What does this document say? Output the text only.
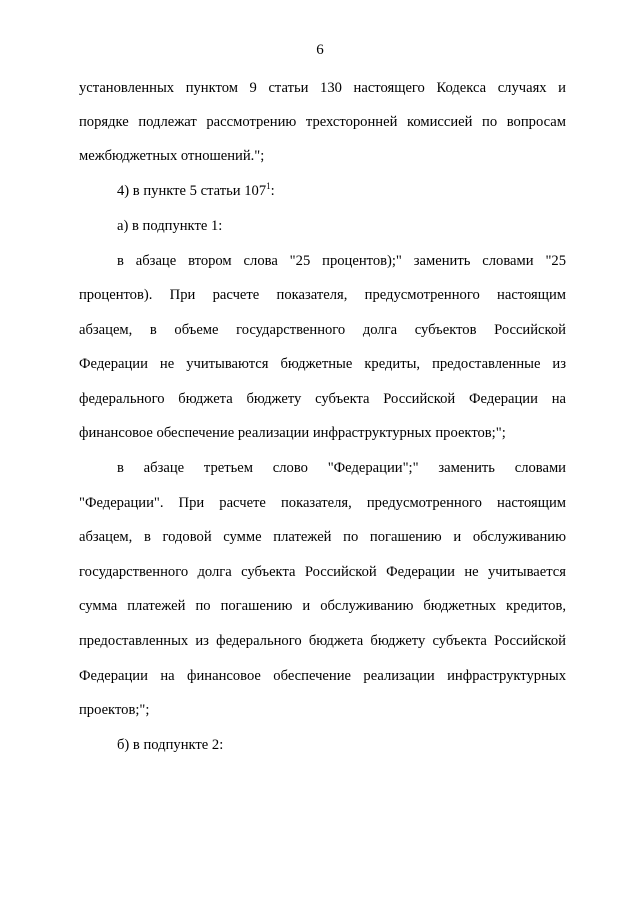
6
установленных пунктом 9 статьи 130 настоящего Кодекса случаях и
порядке подлежат рассмотрению трехсторонней комиссией по вопросам
межбюджетных отношений.";
4) в пункте 5 статьи $107^1$:
а) в подпункте 1:
в абзаце втором слова "25 процентов);" заменить словами "25
процентов). При расчете показателя, предусмотренного настоящим
абзацем, в объеме государственного долга субъектов Российской
Федерации не учитываются бюджетные кредиты, предоставленные из
федерального бюджета бюджету субъекта Российской Федерации на
финансовое обеспечение реализации инфраструктурных проектов;";
в абзаце третьем слово "Федерации";" заменить словами
"Федерации". При расчете показателя, предусмотренного настоящим
абзацем, в годовой сумме платежей по погашению и обслуживанию
государственного долга субъекта Российской Федерации не учитывается
сумма платежей по погашению и обслуживанию бюджетных кредитов,
предоставленных из федерального бюджета бюджету субъекта Российской
Федерации на финансовое обеспечение реализации инфраструктурных
проектов;";
б) в подпункте 2:
